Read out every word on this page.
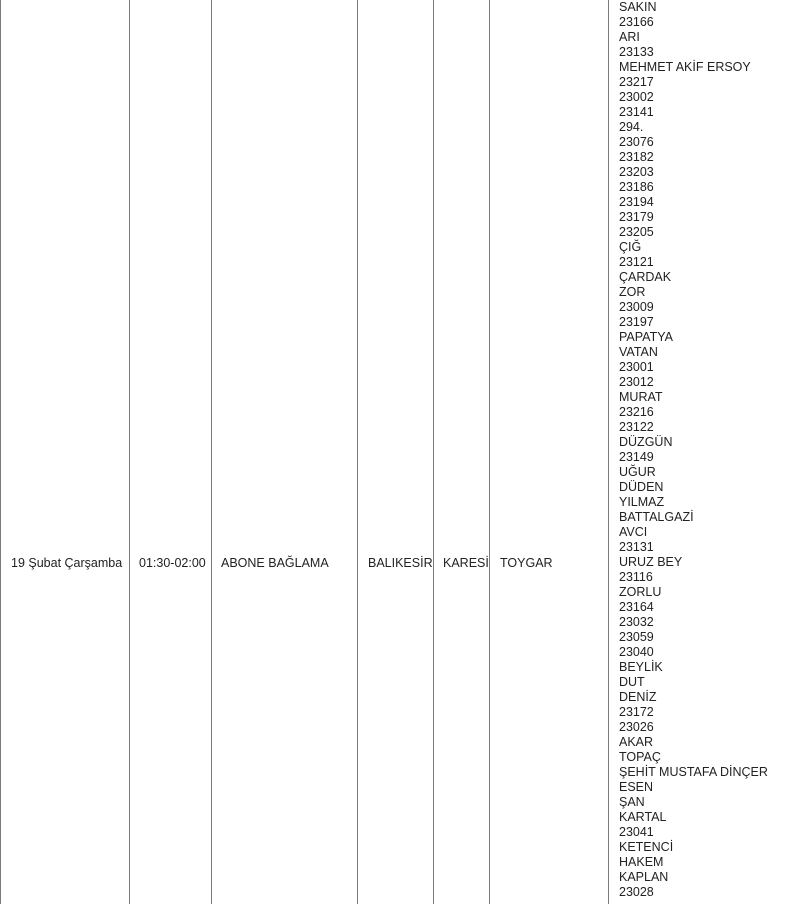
19 Şubat Çarşamba 01:30-02:00 ABONE BAĞLAMA	BALIKESİR KARESİ TOYGAR
SAKIN
23166
ARI
23133
MEHMET AKİF ERSOY
23217
23002
23141
294.
23076
23182
23203
23186
23194
23179
23205
ÇIĞ
23121
ÇARDAK
ZOR
23009
23197
PAPATYA
VATAN
23001
23012
MURAT
23216
23122
DÜZGÜN
23149
UĞUR
DÜDEN
YILMAZ
BATTALGAZİ
AVCI
23131
URUZ BEY
23116
ZORLU
23164
23032
23059
23040
BEYLİK
DUT
DENİZ
23172
23026
AKAR
TOPAÇ
ŞEHİT MUSTAFA DİNÇER
ESEN
ŞAN
KARTAL
23041
KETENCİ
HAKEM
KAPLAN
23028
